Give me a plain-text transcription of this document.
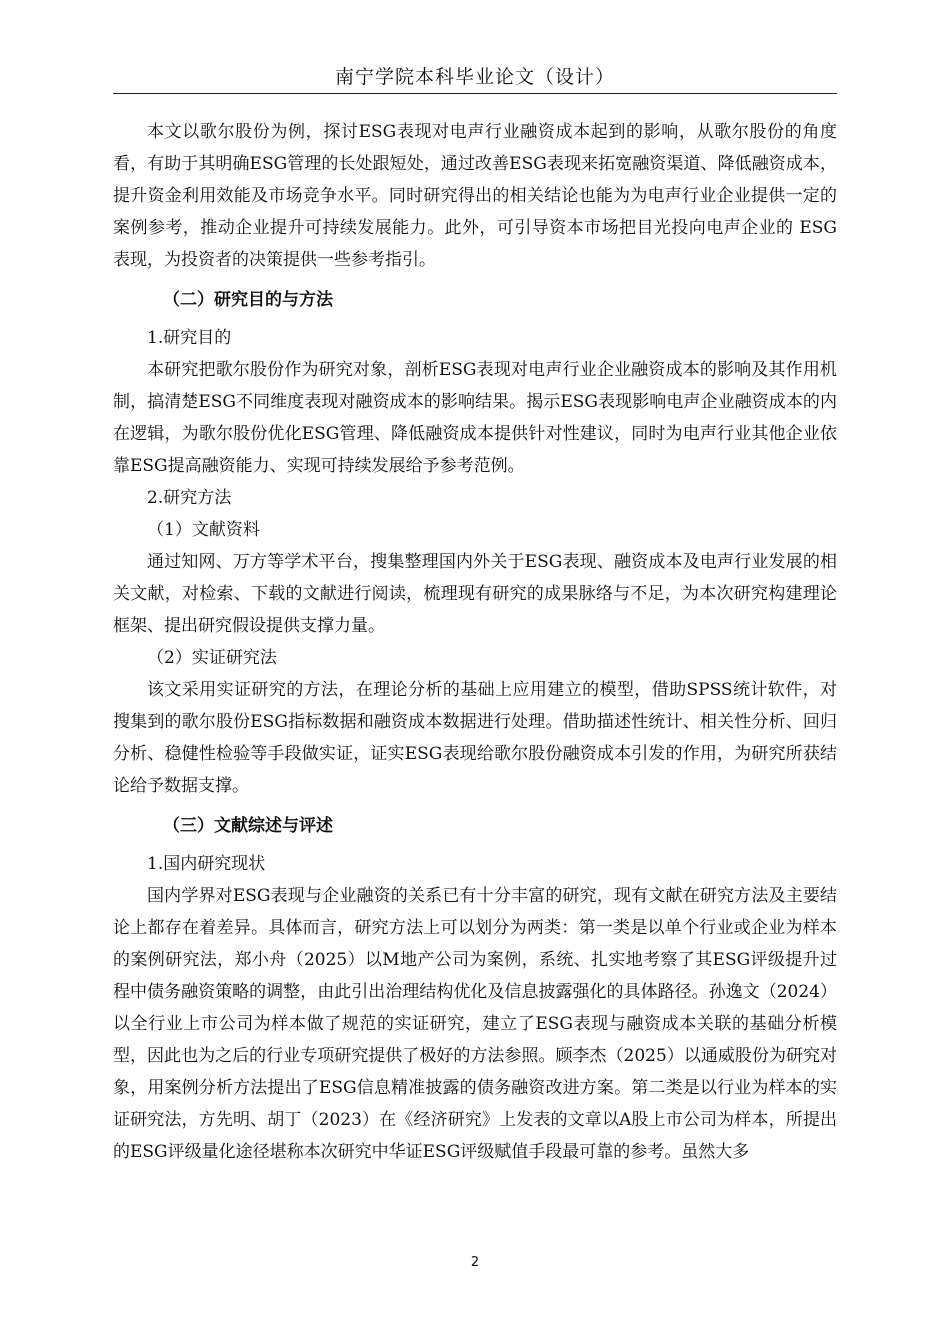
南宁学院本科毕业论文（设计）

本文以歌尔股份为例，探讨ESG表现对电声行业融资成本起到的影响，从歌尔股份的角度看，有助于其明确ESG管理的长处跟短处，通过改善ESG表现来拓宽融资渠道、降低融资成本，提升资金利用效能及市场竞争水平。同时研究得出的相关结论也能为为电声行业企业提供一定的案例参考，推动企业提升可持续发展能力。此外，可引导资本市场把目光投向电声企业的 ESG 表现，为投资者的决策提供一些参考指引。

（二）研究目的与方法

1.研究目的

本研究把歌尔股份作为研究对象，剖析ESG表现对电声行业企业融资成本的影响及其作用机制，搞清楚ESG不同维度表现对融资成本的影响结果。揭示ESG表现影响电声企业融资成本的内在逻辑，为歌尔股份优化ESG管理、降低融资成本提供针对性建议，同时为电声行业其他企业依靠ESG提高融资能力、实现可持续发展给予参考范例。

2.研究方法

（1）文献资料

通过知网、万方等学术平台，搜集整理国内外关于ESG表现、融资成本及电声行业发展的相关文献，对检索、下载的文献进行阅读，梳理现有研究的成果脉络与不足，为本次研究构建理论框架、提出研究假设提供支撑力量。

（2）实证研究法

该文采用实证研究的方法，在理论分析的基础上应用建立的模型，借助SPSS统计软件，对搜集到的歌尔股份ESG指标数据和融资成本数据进行处理。借助描述性统计、相关性分析、回归分析、稳健性检验等手段做实证，证实ESG表现给歌尔股份融资成本引发的作用，为研究所获结论给予数据支撑。

（三）文献综述与评述

1.国内研究现状

国内学界对ESG表现与企业融资的关系已有十分丰富的研究，现有文献在研究方法及主要结论上都存在着差异。具体而言，研究方法上可以划分为两类：第一类是以单个行业或企业为样本的案例研究法，郑小舟（2025）以M地产公司为案例，系统、扎实地考察了其ESG评级提升过程中债务融资策略的调整，由此引出治理结构优化及信息披露强化的具体路径。孙逸文（2024）以全行业上市公司为样本做了规范的实证研究，建立了ESG表现与融资成本关联的基础分析模型，因此也为之后的行业专项研究提供了极好的方法参照。顾李杰（2025）以通威股份为研究对象，用案例分析方法提出了ESG信息精准披露的债务融资改进方案。第二类是以行业为样本的实证研究法，方先明、胡丁（2023）在《经济研究》上发表的文章以A股上市公司为样本，所提出的ESG评级量化途径堪称本次研究中华证ESG评级赋值手段最可靠的参考。虽然大多

2
